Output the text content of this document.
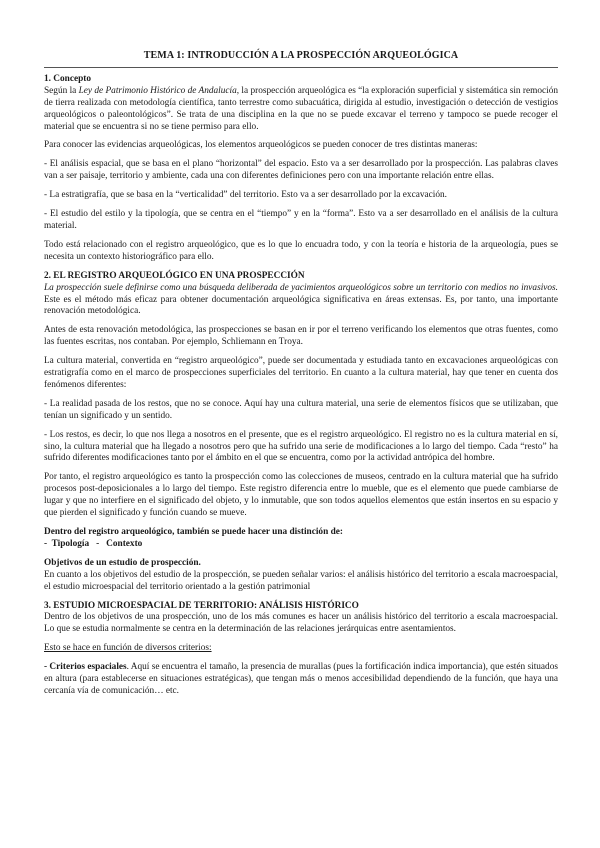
TEMA 1: INTRODUCCIÓN A LA PROSPECCIÓN ARQUEOLÓGICA

1. Concepto

Según la Ley de Patrimonio Histórico de Andalucía, la prospección arqueológica es “la exploración superficial y sistemática sin remoción de tierra realizada con metodología científica, tanto terrestre como subacuática, dirigida al estudio, investigación o detección de vestigios arqueológicos o paleontológicos”. Se trata de una disciplina en la que no se puede excavar el terreno y tampoco se puede recoger el material que se encuentra si no se tiene permiso para ello.

Para conocer las evidencias arqueológicas, los elementos arqueológicos se pueden conocer de tres distintas maneras:

- El análisis espacial, que se basa en el plano “horizontal” del espacio. Esto va a ser desarrollado por la prospección. Las palabras claves van a ser paisaje, territorio y ambiente, cada una con diferentes definiciones pero con una importante relación entre ellas.

- La estratigrafía, que se basa en la “verticalidad” del territorio. Esto va a ser desarrollado por la excavación.

- El estudio del estilo y la tipología, que se centra en el “tiempo” y en la “forma”. Esto va a ser desarrollado en el análisis de la cultura material.

Todo está relacionado con el registro arqueológico, que es lo que lo encuadra todo, y con la teoría e historia de la arqueología, pues se necesita un contexto historiográfico para ello.

2. EL REGISTRO ARQUEOLÓGICO EN UNA PROSPECCIÓN

La prospección suele definirse como una búsqueda deliberada de yacimientos arqueológicos sobre un territorio con medios no invasivos. Este es el método más eficaz para obtener documentación arqueológica significativa en áreas extensas. Es, por tanto, una importante renovación metodológica.

Antes de esta renovación metodológica, las prospecciones se basan en ir por el terreno verificando los elementos que otras fuentes, como las fuentes escritas, nos contaban. Por ejemplo, Schliemann en Troya.

La cultura material, convertida en “registro arqueológico”, puede ser documentada y estudiada tanto en excavaciones arqueológicas con estratigrafía como en el marco de prospecciones superficiales del territorio. En cuanto a la cultura material, hay que tener en cuenta dos fenómenos diferentes:

- La realidad pasada de los restos, que no se conoce. Aquí hay una cultura material, una serie de elementos físicos que se utilizaban, que tenían un significado y un sentido.

- Los restos, es decir, lo que nos llega a nosotros en el presente, que es el registro arqueológico. El registro no es la cultura material en sí, sino, la cultura material que ha llegado a nosotros pero que ha sufrido una serie de modificaciones a lo largo del tiempo. Cada “resto” ha sufrido diferentes modificaciones tanto por el ámbito en el que se encuentra, como por la actividad antrópica del hombre.

Por tanto, el registro arqueológico es tanto la prospección como las colecciones de museos, centrado en la cultura material que ha sufrido procesos post-deposicionales a lo largo del tiempo. Este registro diferencia entre lo mueble, que es el elemento que puede cambiarse de lugar y que no interfiere en el significado del objeto, y lo inmutable, que son todos aquellos elementos que están insertos en su espacio y que pierden el significado y función cuando se mueve.

Dentro del registro arqueológico, también se puede hacer una distinción de:

-  Tipología   -   Contexto

Objetivos de un estudio de prospección.

En cuanto a los objetivos del estudio de la prospección, se pueden señalar varios: el análisis histórico del territorio a escala macroespacial, el estudio microespacial del territorio orientado a la gestión patrimonial

3. ESTUDIO MICROESPACIAL DE TERRITORIO: ANÁLISIS HISTÓRICO

Dentro de los objetivos de una prospección, uno de los más comunes es hacer un análisis histórico del territorio a escala macroespacial. Lo que se estudia normalmente se centra en la determinación de las relaciones jerárquicas entre asentamientos.

Esto se hace en función de diversos criterios:

- Criterios espaciales. Aquí se encuentra el tamaño, la presencia de murallas (pues la fortificación indica importancia), que estén situados en altura (para establecerse en situaciones estratégicas), que tengan más o menos accesibilidad dependiendo de la función, que haya una cercanía vía de comunicación… etc.
